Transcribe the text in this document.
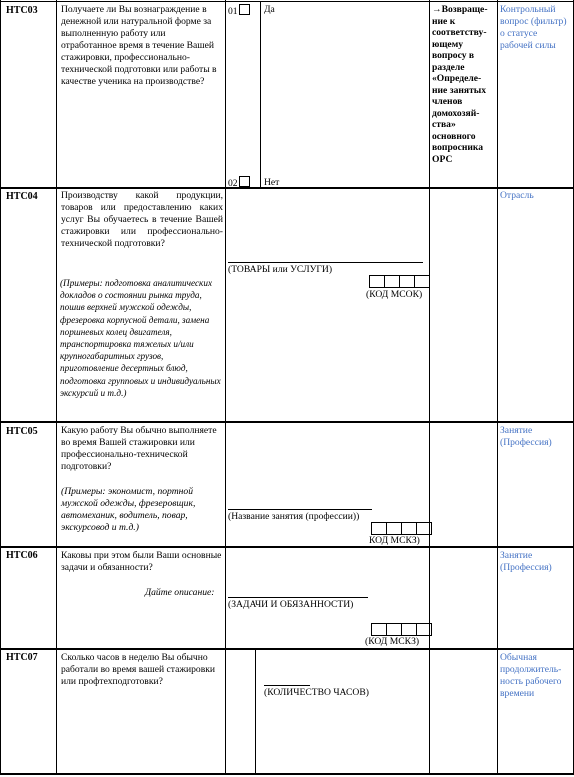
НТС03 Получаете ли Вы вознаграждение в денежной или натуральной форме за выполненную работу или отработанное время в течение Вашей стажировки, профессионально-технической подготовки или работы в качестве ученика на производстве?
01	Да
02	Нет
→Возвраще-ние к соответству-ющему вопросу в разделе «Определе-ние занятых членов домохозяй-ства» основного вопросника ОРС
Контрольный вопрос (фильтр) о статусе рабочей силы
НТС04 Производству какой продукции, товаров или предоставлению каких услуг Вы обучаетесь в течение Вашей стажировки или профессионально-технической подготовки?
(Примеры: подготовка аналитических докладов о состоянии рынка труда, пошив верхней мужской одежды, фрезеровка корпусной детали, замена поршневых колец двигателя, транспортировка тяжелых и/или крупногабаритных грузов, приготовление десертных блюд, подготовка групповых и индивидуальных экскурсий и т.д.)
(ТОВАРЫ или УСЛУГИ)
(КОД МСОК)
Отрасль
НТС05 Какую работу Вы обычно выполняете во время Вашей стажировки или профессионально-технической подготовки?
(Примеры: экономист, портной мужской одежды, фрезеровщик, автомеханик, водитель, повар, экскурсовод и т.д.)
(Название занятия (профессии))
КОД МСКЗ)
Занятие (Профессия)
НТС06 Каковы при этом были Ваши основные задачи и обязанности?
Дайте описание:
(ЗАДАЧИ И ОБЯЗАННОСТИ)
(КОД МСКЗ)
Занятие (Профессия)
НТС07 Сколько часов в неделю Вы обычно работали во время вашей стажировки или профтехподготовки?
(КОЛИЧЕСТВО ЧАСОВ)
Обычная продолжитель-ность рабочего времени
